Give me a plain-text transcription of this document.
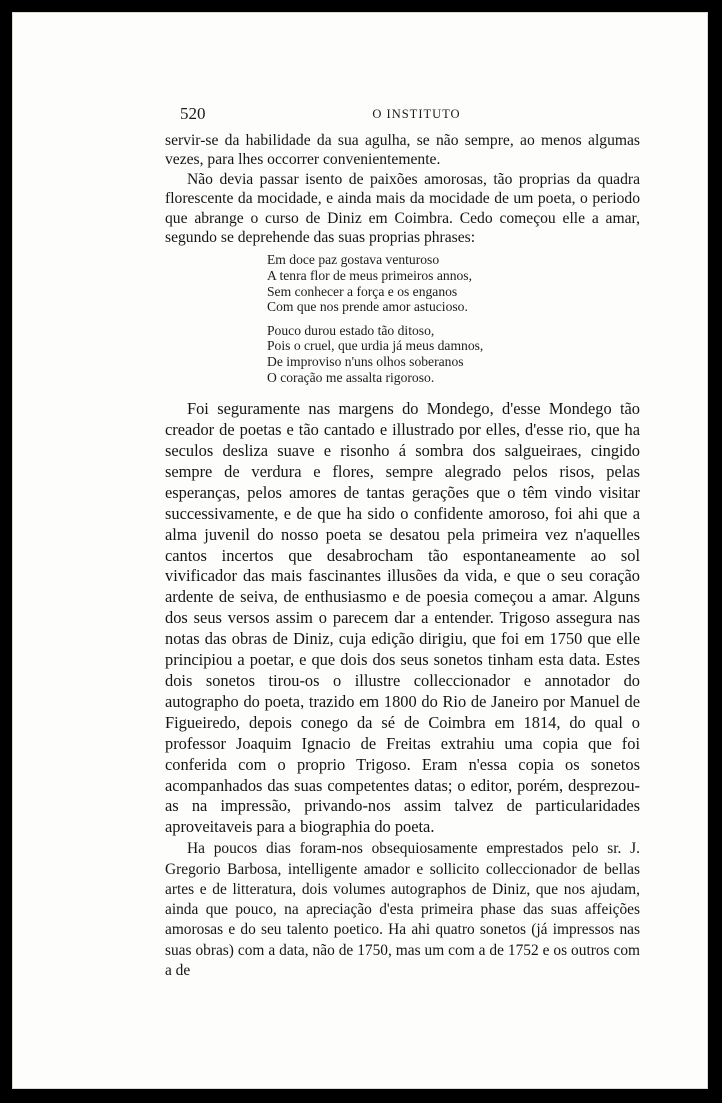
520	O INSTITUTO

servir-se da habilidade da sua agulha, se não sempre, ao menos algumas vezes, para lhes occorrer convenientemente.

Não devia passar isento de paixões amorosas, tão proprias da quadra florescente da mocidade, e ainda mais da mocidade de um poeta, o periodo que abrange o curso de Diniz em Coimbra. Cedo começou elle a amar, segundo se deprehende das suas proprias phrases:

Em doce paz gostava venturoso
A tenra flor de meus primeiros annos,
Sem conhecer a força e os enganos
Com que nos prende amor astucioso.

Pouco durou estado tão ditoso,
Pois o cruel, que urdia já meus damnos,
De improviso n'uns olhos soberanos
O coração me assalta rigoroso.

Foi seguramente nas margens do Mondego, d'esse Mondego tão creador de poetas e tão cantado e illustrado por elles, d'esse rio, que ha seculos desliza suave e risonho á sombra dos salgueiraes, cingido sempre de verdura e flores, sempre alegrado pelos risos, pelas esperanças, pelos amores de tantas gerações que o têm vindo visitar successivamente, e de que ha sido o confidente amoroso, foi ahi que a alma juvenil do nosso poeta se desatou pela primeira vez n'aquelles cantos incertos que desabrocham tão espontaneamente ao sol vivificador das mais fascinantes illusões da vida, e que o seu coração ardente de seiva, de enthusiasmo e de poesia começou a amar. Alguns dos seus versos assim o parecem dar a entender. Trigoso assegura nas notas das obras de Diniz, cuja edição dirigiu, que foi em 1750 que elle principiou a poetar, e que dois dos seus sonetos tinham esta data. Estes dois sonetos tirou-os o illustre colleccionador e annotador do autographo do poeta, trazido em 1800 do Rio de Janeiro por Manuel de Figueiredo, depois conego da sé de Coimbra em 1814, do qual o professor Joaquim Ignacio de Freitas extrahiu uma copia que foi conferida com o proprio Trigoso. Eram n'essa copia os sonetos acompanhados das suas competentes datas; o editor, porém, desprezou-as na impressão, privando-nos assim talvez de particularidades aproveitaveis para a biographia do poeta.

Ha poucos dias foram-nos obsequiosamente emprestados pelo sr. J. Gregorio Barbosa, intelligente amador e sollicito colleccionador de bellas artes e de litteratura, dois volumes autographos de Diniz, que nos ajudam, ainda que pouco, na apreciação d'esta primeira phase das suas affeições amorosas e do seu talento poetico. Ha ahi quatro sonetos (já impressos nas suas obras) com a data, não de 1750, mas um com a de 1752 e os outros com a de
